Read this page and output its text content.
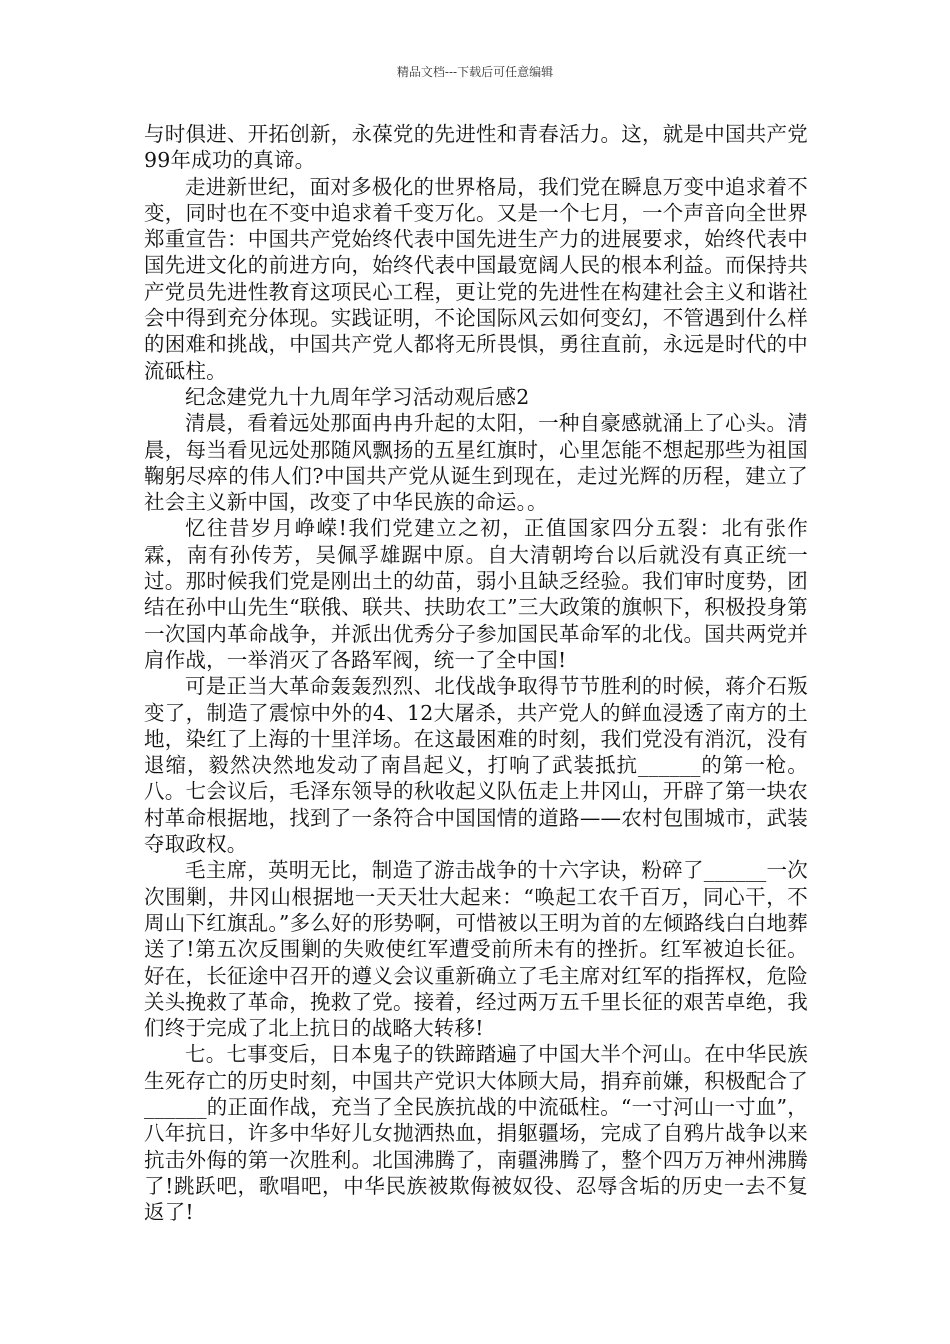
精品文档---下载后可任意编辑

与时俱进、开拓创新，永葆党的先进性和青春活力。这，就是中国共产党99年成功的真谛。

走进新世纪，面对多极化的世界格局，我们党在瞬息万变中追求着不变，同时也在不变中追求着千变万化。又是一个七月，一个声音向全世界郑重宣告：中国共产党始终代表中国先进生产力的进展要求，始终代表中国先进文化的前进方向，始终代表中国最宽阔人民的根本利益。而保持共产党员先进性教育这项民心工程，更让党的先进性在构建社会主义和谐社会中得到充分体现。实践证明，不论国际风云如何变幻，不管遇到什么样的困难和挑战，中国共产党人都将无所畏惧，勇往直前，永远是时代的中流砥柱。

纪念建党九十九周年学习活动观后感2

清晨，看着远处那面冉冉升起的太阳，一种自豪感就涌上了心头。清晨，每当看见远处那随风飘扬的五星红旗时，心里怎能不想起那些为祖国鞠躬尽瘁的伟人们?中国共产党从诞生到现在，走过光辉的历程，建立了社会主义新中国，改变了中华民族的命运。。

忆往昔岁月峥嵘!我们党建立之初，正值国家四分五裂：北有张作霖，南有孙传芳，吴佩孚雄踞中原。自大清朝垮台以后就没有真正统一过。那时候我们党是刚出土的幼苗，弱小且缺乏经验。我们审时度势，团结在孙中山先生“联俄、联共、扶助农工”三大政策的旗帜下，积极投身第一次国内革命战争，并派出优秀分子参加国民革命军的北伐。国共两党并肩作战，一举消灭了各路军阀，统一了全中国!

可是正当大革命轰轰烈烈、北伐战争取得节节胜利的时候，蒋介石叛变了，制造了震惊中外的4、12大屠杀，共产党人的鲜血浸透了南方的土地，染红了上海的十里洋场。在这最困难的时刻，我们党没有消沉，没有退缩，毅然决然地发动了南昌起义，打响了武装抵抗______的第一枪。八。七会议后，毛泽东领导的秋收起义队伍走上井冈山，开辟了第一块农村革命根据地，找到了一条符合中国国情的道路——农村包围城市，武装夺取政权。

毛主席，英明无比，制造了游击战争的十六字诀，粉碎了______一次次围剿，井冈山根据地一天天壮大起来：“唤起工农千百万，同心干，不周山下红旗乱。”多么好的形势啊，可惜被以王明为首的左倾路线白白地葬送了!第五次反围剿的失败使红军遭受前所未有的挫折。红军被迫长征。好在，长征途中召开的遵义会议重新确立了毛主席对红军的指挥权，危险关头挽救了革命，挽救了党。接着，经过两万五千里长征的艰苦卓绝，我们终于完成了北上抗日的战略大转移!

七。七事变后，日本鬼子的铁蹄踏遍了中国大半个河山。在中华民族生死存亡的历史时刻，中国共产党识大体顾大局，捐弃前嫌，积极配合了______的正面作战，充当了全民族抗战的中流砥柱。“一寸河山一寸血”，八年抗日，许多中华好儿女抛洒热血，捐躯疆场，完成了自鸦片战争以来抗击外侮的第一次胜利。北国沸腾了，南疆沸腾了，整个四万万神州沸腾了!跳跃吧，歌唱吧，中华民族被欺侮被奴役、忍辱含垢的历史一去不复返了!
